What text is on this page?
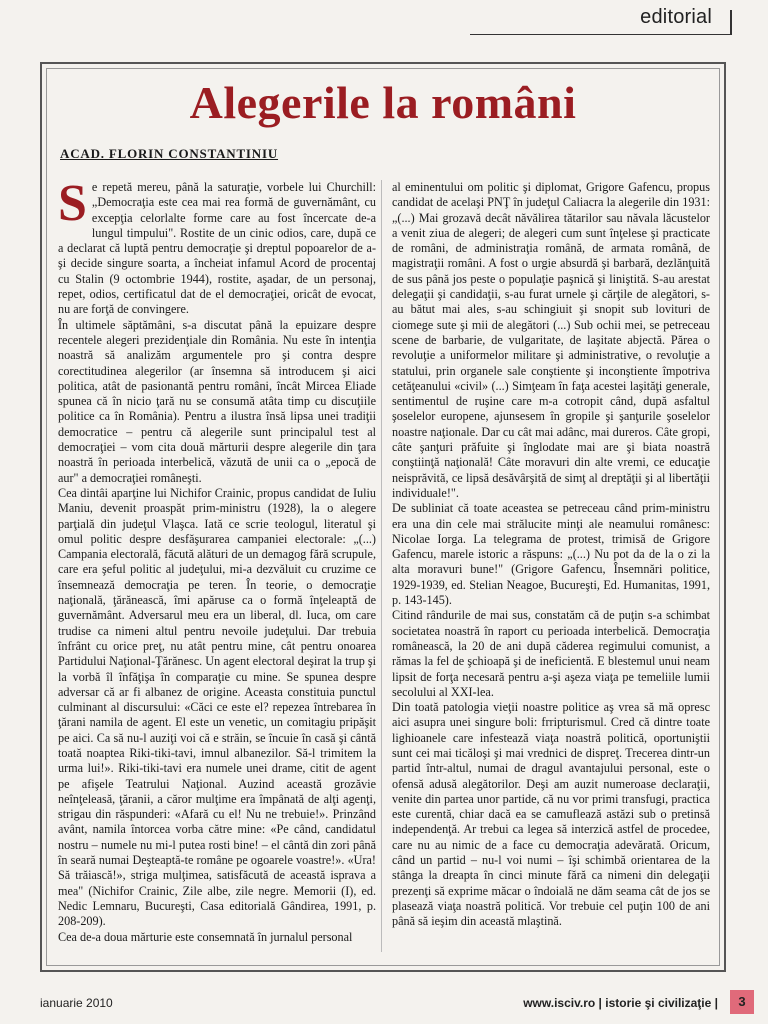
editorial
Alegerile la români
ACAD. FLORIN CONSTANTINIU

Se repetă mereu, până la saturaţie, vorbele lui Churchill: „Democraţia este cea mai rea formă de guvernământ, cu excepţia celorlalte forme care au fost încercate de-a lungul timpului". Rostite de un cinic odios, care, după ce a declarat că luptă pentru democraţie şi dreptul popoarelor de a-şi decide singure soarta, a încheiat infamul Acord de procentaj cu Stalin (9 octombrie 1944), rostite, aşadar, de un personaj, repet, odios, certificatul dat de el democraţiei, oricât de evocat, nu are forţă de convingere.

În ultimele săptămâni, s-a discutat până la epuizare despre recentele alegeri prezidenţiale din România. Nu este în intenţia noastră să analizăm argumentele pro şi contra despre corectitudinea alegerilor (ar însemna să introducem şi aici politica, atât de pasionantă pentru români, încât Mircea Eliade spunea că în nicio ţară nu se consumă atâta timp cu discuţiile politice ca în România). Pentru a ilustra însă lipsa unei tradiţii democratice – pentru că alegerile sunt principalul test al democraţiei – vom cita două mărturii despre alegerile din ţara noastră în perioada interbelică, văzută de unii ca o „epocă de aur" a democraţiei româneşti.

Cea dintâi aparţine lui Nichifor Crainic, propus candidat de Iuliu Maniu, devenit proaspăt prim-ministru (1928), la o alegere parţială din judeţul Vlaşca. Iată ce scrie teologul, literatul şi omul politic despre desfăşurarea campaniei electorale: „(...) Campania electorală, făcută alături de un demagog fără scrupule, care era şeful politic al judeţului, mi-a dezvăluit cu cruzime ce însemnează democraţia pe teren. În teorie, o democraţie naţională, ţărănească, îmi apăruse ca o formă înţeleaptă de guvernământ. Adversarul meu era un liberal, dl. Iuca, om care trudise ca nimeni altul pentru nevoile judeţului. Dar trebuia înfrânt cu orice preţ, nu atât pentru mine, cât pentru onoarea Partidului Naţional-Ţărănesc. Un agent electoral deşirat la trup şi la vorbă îl înfăţişa în comparaţie cu mine. Se spunea despre adversar că ar fi albanez de origine. Aceasta constituia punctul culminant al discursului: «Căci ce este el? repezea întrebarea în ţărani namila de agent. El este un venetic, un comitagiu pripăşit pe aici. Ca să nu-l auziţi voi că e străin, se încuie în casă şi cântă toată noaptea Riki-tiki-tavi, imnul albanezilor. Să-l trimitem la urma lui!». Riki-tiki-tavi era numele unei drame, citit de agent pe afişele Teatrului Naţional. Auzind această grozăvie neînţeleasă, ţăranii, a căror mulţime era împânată de alţi agenţi, strigau din răspunderi: «Afară cu el! Nu ne trebuie!». Prinzând avânt, namila întorcea vorba către mine: «Pe când, candidatul nostru – numele nu mi-l putea rosti bine! – el cântă din zori până în seară numai Deşteaptă-te române pe ogoarele voastre!». «Ura! Să trăiască!», striga mulţimea, satisfăcută de această isprava a mea" (Nichifor Crainic, Zile albe, zile negre. Memorii (I), ed. Nedic Lemnaru, Bucureşti, Casa editorială Gândirea, 1991, p. 208-209).

Cea de-a doua mărturie este consemnată în jurnalul personal

al eminentului om politic şi diplomat, Grigore Gafencu, propus candidat de acelaşi PNŢ în judeţul Caliacra la alegerile din 1931: „(...) Mai grozavă decât năvălirea tătarilor sau năvala lăcustelor a venit ziua de alegeri; de alegeri cum sunt înţelese şi practicate de români, de administraţia română, de armata română, de magistraţii români. A fost o urgie absurdă şi barbară, dezlănţuită de sus până jos peste o populaţie paşnică şi liniştită. S-au arestat delegaţii şi candidaţii, s-au furat urnele şi cărţile de alegători, s-au bătut mai ales, s-au schingiuit şi snopit sub lovituri de ciomege sute şi mii de alegători (...) Sub ochii mei, se petreceau scene de barbarie, de vulgaritate, de laşitate abjectă. Părea o revoluţie a uniformelor militare şi administrative, o revoluţie a statului, prin organele sale conştiente şi inconştiente împotriva cetăţeanului «civil» (...) Simţeam în faţa acestei laşităţi generale, sentimentul de ruşine care m-a cotropit când, după asfaltul şoselelor europene, ajunsesem în gropile şi şanţurile şoselelor noastre naţionale. Dar cu cât mai adânc, mai dureros. Câte gropi, câte şanţuri prăfuite şi înglodate mai are şi biata noastră conştiinţă naţională! Câte moravuri din alte vremi, ce educaţie neisprăvită, ce lipsă desăvârşită de simţ al dreptăţii şi al libertăţii individuale!".

De subliniat că toate aceastea se petreceau când prim-ministru era una din cele mai strălucite minţi ale neamului românesc: Nicolae Iorga. La telegrama de protest, trimisă de Grigore Gafencu, marele istoric a răspuns: „(...) Nu pot da de la o zi la alta moravuri bune!" (Grigore Gafencu, Însemnări politice, 1929-1939, ed. Stelian Neagoe, Bucureşti, Ed. Humanitas, 1991, p. 143-145).

Citind rândurile de mai sus, constatăm că de puţin s-a schimbat societatea noastră în raport cu perioada interbelică. Democraţia românească, la 20 de ani după căderea regimului comunist, a rămas la fel de şchioapă şi de ineficientă. E blestemul unui neam lipsit de forţa necesară pentru a-şi aşeza viaţa pe temeliile lumii secolului al XXI-lea.

Din toată patologia vieţii noastre politice aş vrea să mă opresc aici asupra unei singure boli: frripturismul. Cred că dintre toate lighioanele care infestează viaţa noastră politică, oportuniştii sunt cei mai ticăloşi şi mai vrednici de dispreţ. Trecerea dintr-un partid într-altul, numai de dragul avantajului personal, este o ofensă adusă alegătorilor. Deşi am auzit numeroase declaraţii, venite din partea unor partide, că nu vor primi transfugi, practica este curentă, chiar dacă ea se camuflează astăzi sub o pretinsă independenţă. Ar trebui ca legea să interzică astfel de procedee, care nu au nimic de a face cu democraţia adevărată. Oricum, când un partid – nu-l voi numi – îşi schimbă orientarea de la stânga la dreapta în cinci minute fără ca nimeni din delegaţii prezenţi să exprime măcar o îndoială ne dăm seama cât de jos se plasează viaţa noastră politică. Vor trebuie cel puţin 100 de ani până să ieşim din această mlaştină.

ianuarie 2010	www.isciv.ro | istorie şi civilizaţie |	3
